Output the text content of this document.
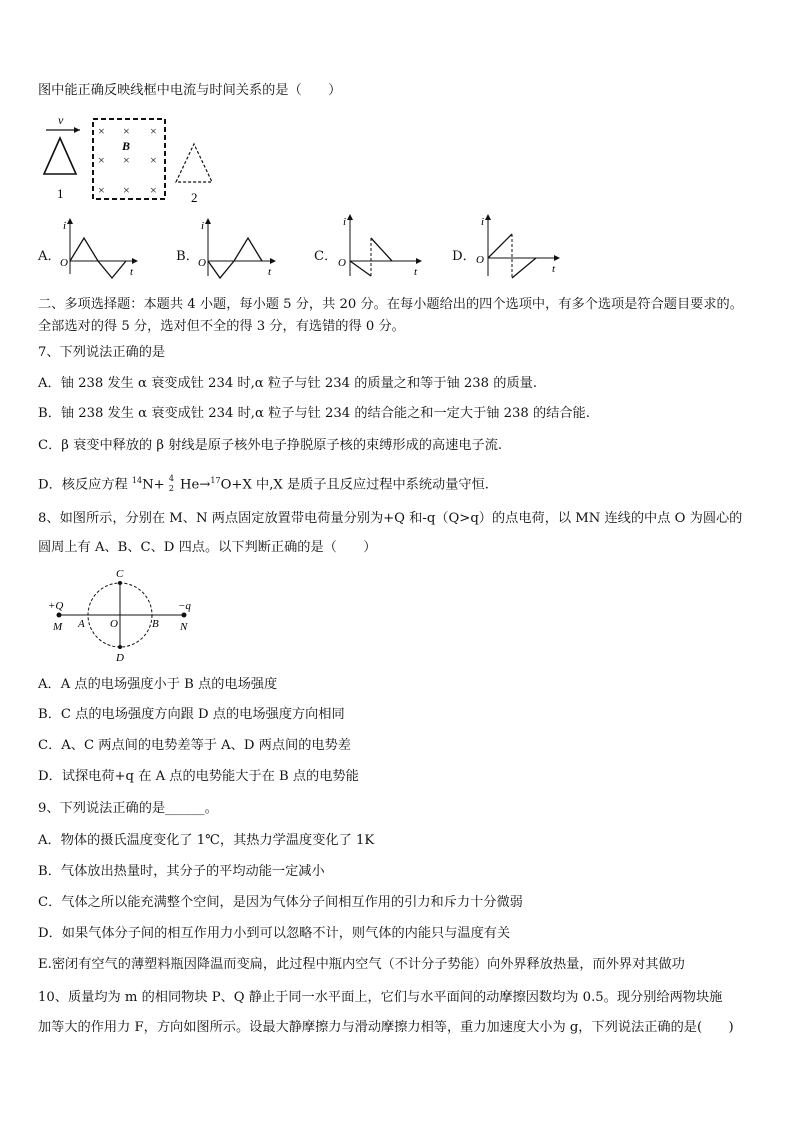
图中能正确反映线框中电流与时间关系的是（　　）
v
1
× × ×
× × ×
× × ×
B
2
A．
i
O
t
B．
i
O
t
C．
i
O
t
D．
i
O
t
二、多项选择题：本题共 4 小题，每小题 5 分，共 20 分。在每小题给出的四个选项中，有多个选项是符合题目要求的。
全部选对的得 5 分，选对但不全的得 3 分，有选错的得 0 分。
7、下列说法正确的是
A．铀 238 发生 α 衰变成钍 234 时,α 粒子与钍 234 的质量之和等于铀 238 的质量.
B．铀 238 发生 α 衰变成钍 234 时,α 粒子与钍 234 的结合能之和一定大于铀 238 的结合能.
C．β 衰变中释放的 β 射线是原子核外电子挣脱原子核的束缚形成的高速电子流.
D．核反应方程 $^{14}$N+ 4
2 He→$^{17}$O+X 中,X 是质子且反应过程中系统动量守恒.
8、如图所示，分别在 M、N 两点固定放置带电荷量分别为+Q 和-q（Q>q）的点电荷，以 MN 连线的中点 O 为圆心的
圆周上有 A、B、C、D 四点。以下判断正确的是（　　）
+Q	−q
M	N
A O	B
C
D
A．A 点的电场强度小于 B 点的电场强度
B．C 点的电场强度方向跟 D 点的电场强度方向相同
C．A、C 两点间的电势差等于 A、D 两点间的电势差
D．试探电荷+q 在 A 点的电势能大于在 B 点的电势能
9、下列说法正确的是______。
A．物体的摄氏温度变化了 1℃，其热力学温度变化了 1K
B．气体放出热量时，其分子的平均动能一定减小
C．气体之所以能充满整个空间，是因为气体分子间相互作用的引力和斥力十分微弱
D．如果气体分子间的相互作用力小到可以忽略不计，则气体的内能只与温度有关
E.密闭有空气的薄塑料瓶因降温而变扁，此过程中瓶内空气（不计分子势能）向外界释放热量，而外界对其做功
10、质量均为 m 的相同物块 P、Q 静止于同一水平面上，它们与水平面间的动摩擦因数均为 0.5。现分别给两物块施
加等大的作用力 F，方向如图所示。设最大静摩擦力与滑动摩擦力相等，重力加速度大小为 g，下列说法正确的是(　　)
